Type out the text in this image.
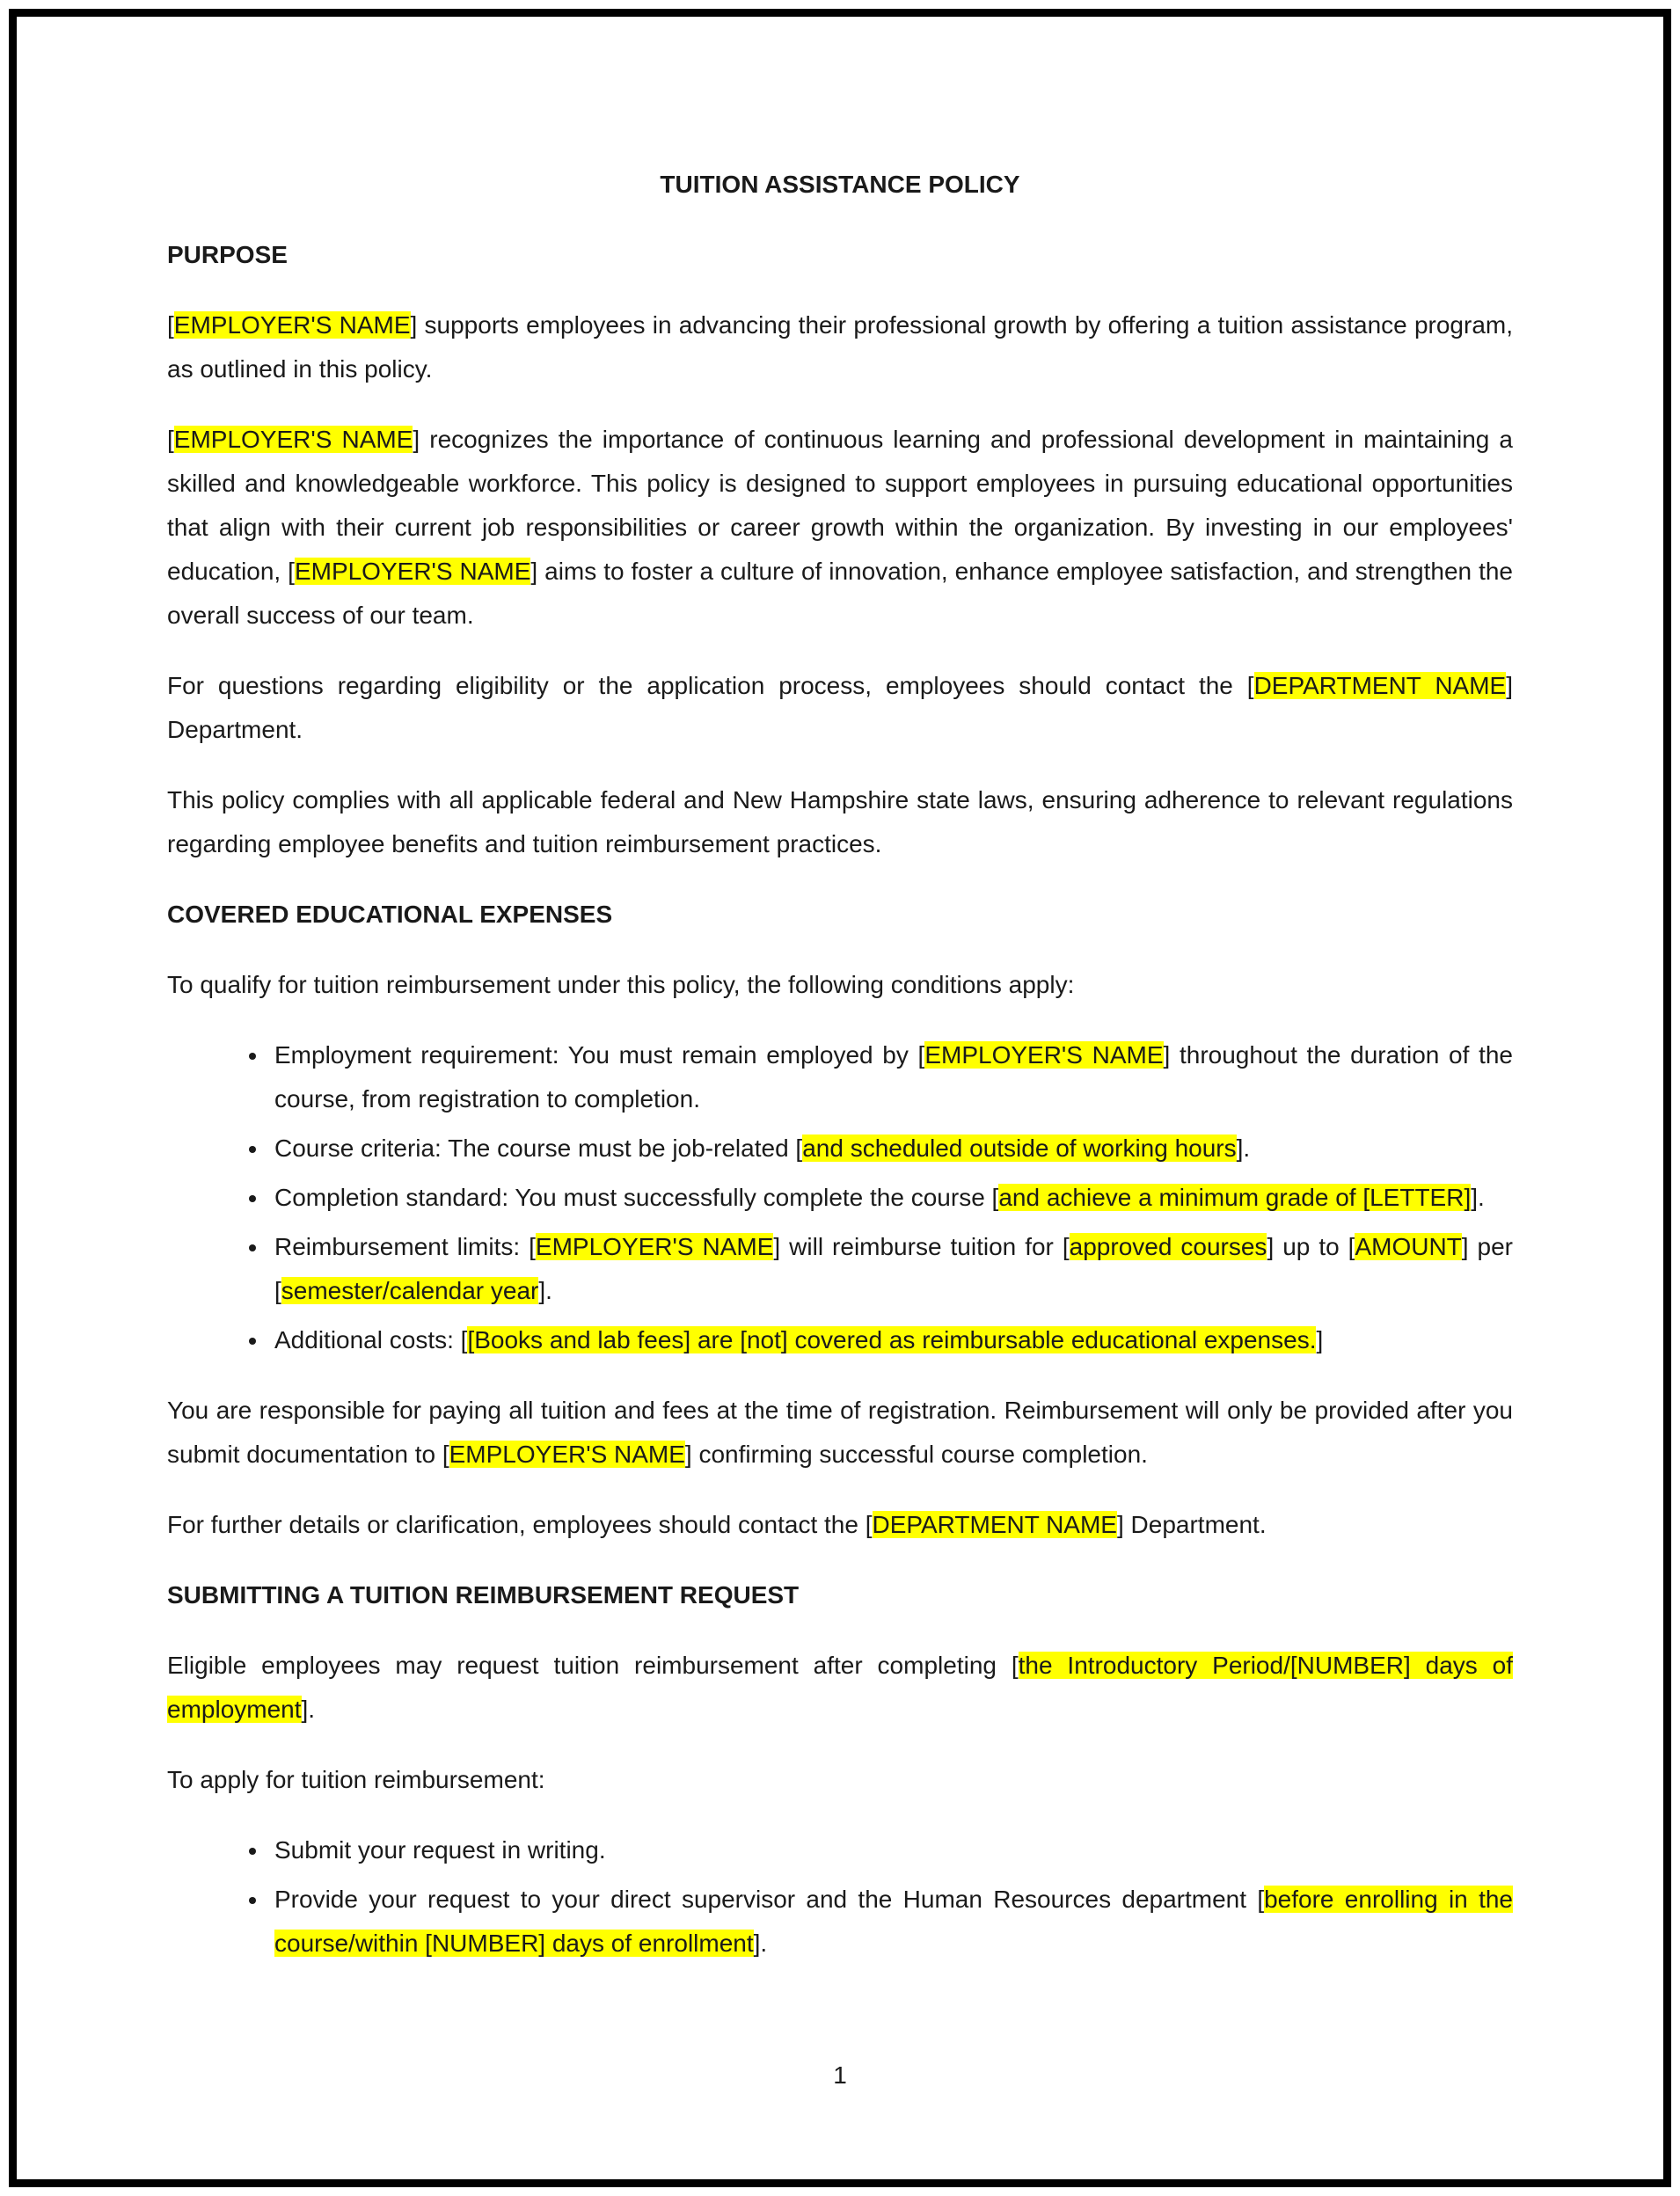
TUITION ASSISTANCE POLICY
PURPOSE

[EMPLOYER'S NAME] supports employees in advancing their professional growth by offering a tuition assistance program, as outlined in this policy.

[EMPLOYER'S NAME] recognizes the importance of continuous learning and professional development in maintaining a skilled and knowledgeable workforce. This policy is designed to support employees in pursuing educational opportunities that align with their current job responsibilities or career growth within the organization. By investing in our employees' education, [EMPLOYER'S NAME] aims to foster a culture of innovation, enhance employee satisfaction, and strengthen the overall success of our team.

For questions regarding eligibility or the application process, employees should contact the [DEPARTMENT NAME] Department.

This policy complies with all applicable federal and New Hampshire state laws, ensuring adherence to relevant regulations regarding employee benefits and tuition reimbursement practices.

COVERED EDUCATIONAL EXPENSES

To qualify for tuition reimbursement under this policy, the following conditions apply:

• Employment requirement: You must remain employed by [EMPLOYER'S NAME] throughout the duration of the course, from registration to completion.
• Course criteria: The course must be job-related [and scheduled outside of working hours].
• Completion standard: You must successfully complete the course [and achieve a minimum grade of [LETTER]].
• Reimbursement limits: [EMPLOYER'S NAME] will reimburse tuition for [approved courses] up to [AMOUNT] per [semester/calendar year].
• Additional costs: [[Books and lab fees] are [not] covered as reimbursable educational expenses.]

You are responsible for paying all tuition and fees at the time of registration. Reimbursement will only be provided after you submit documentation to [EMPLOYER'S NAME] confirming successful course completion.

For further details or clarification, employees should contact the [DEPARTMENT NAME] Department.

SUBMITTING A TUITION REIMBURSEMENT REQUEST

Eligible employees may request tuition reimbursement after completing [the Introductory Period/[NUMBER] days of employment].

To apply for tuition reimbursement:

• Submit your request in writing.
• Provide your request to your direct supervisor and the Human Resources department [before enrolling in the course/within [NUMBER] days of enrollment].
1
